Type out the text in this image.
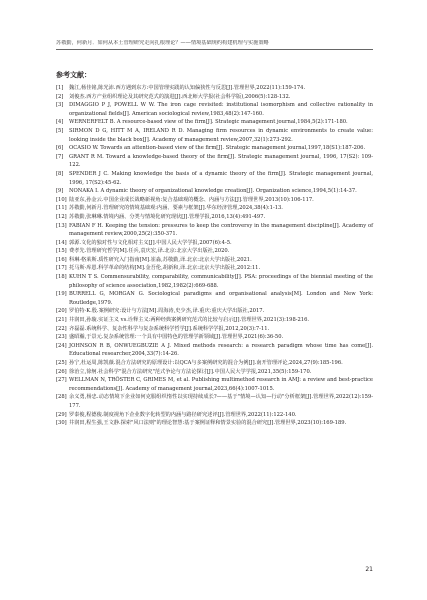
苏敬勤，何新月．如何从本土管理研究走向扎根理论？——情境基础规约构建机理与实施策略
参考文献：
[1]	魏江,杨佳铭,陈光沛.西方遇到东方:中国管理实践的认知偏狭性与反思[J].管理世界,2022(11):159-174.
[2]	刘俊杰.西方产业组织理论及其研究范式的演进[J].西北师大学报(社会科学版),2006(5):128-132.
[3]	DIMAGGIO P J, POWELL W W. The iron cage revisited: institutional isomorphism and collective rationality in organizational fields[J]. American sociological review,1983,48(2):147-160.
[4]	WERNERFELT B. A resource-based view of the firm[J]. Strategic management journal,1984,5(2):171-180.
[5]	SIRMON D G, HITT M A, IRELAND R D. Managing firm resources in dynamic environments to create value: looking inside the black box[J]. Academy of management review,2007,32(1):273-292.
[6]	OCASIO W. Towards an attention-based view of the firm[J]. Strategic management journal,1997,18(S1):187-206.
[7]	GRANT R M. Toward a knowledge-based theory of the firm[J]. Strategic management journal, 1996, 17(S2): 109-122.
[8]	SPENDER J C. Making knowledge the basis of a dynamic theory of the firm[J]. Strategic management journal, 1996, 17(S2):45-62.
[9]	NONAKA I. A dynamic theory of organizational knowledge creation[J]. Organization science,1994,5(1):14-37.
[10] 陆亚东,孙金云.中国企业成长战略新视角:复合基础观的概念、内涵与方法[J].管理世界,2013(10):106-117.
[11] 苏敬勤,何新月.管理研究的情境基础观:内涵、要素与框架[J].华东经济管理,2024,38(4):1-13.
[12] 苏敬勤,张琳琳.情境内涵、分类与情境化研究现状[J].管理学报,2016,13(4):491-497.
[13] FABIAN F H. Keeping the tension: pressures to keep the controversy in the management discipline[J]. Academy of management review,2000,25(2):350-371.
[14] 郭源.文化的独对性与文化相对主义[J].中国人民大学学报,2007(6):4-5.
[15] 费孝先.管理研究哲学[M].任兵,袁庆宏,译.北京:北京大学出版社,2020.
[16] 科琳·格莱斯.质性研究入门指南[M].崔淼,苏敬勤,译.北京:北京大学出版社,2021.
[17] 托马斯·库恩.科学革命的结构[M].金吾伦,胡新和,译.北京:北京大学出版社,2012:11.
[18] KUHN T S. Commensurability, comparability, communicability[J]. PSA: proceedings of the biennial meeting of the philosophy of science association,1982,1982(2):669-688.
[19] BURRELL G, MORGAN G. Sociological paradigms and organisational analysis[M]. London and New York: Routledge,1979.
[20] 罗伯特·K.殷.案例研究:设计与方法[M].周海涛,史少杰,译.重庆:重庆大学出版社,2017.
[21] 井润田,孙璇.实证主义 vs.诠释主义:两种经典案例研究范式的比较与启示[J].管理世界,2021(3):198-216.
[22] 齐磊磊.系统科学、复杂性科学与复杂系统科学哲学[J].系统科学学报,2012,20(3):7-11.
[23] 盛昭瀚,于景元.复杂系统管理:一个具有中国特色的管理学新领域[J].管理世界,2021(6):36-50.
[24] JOHNSON R B, ONWUEGBUZIE A J. Mixed methods research: a research paradigm whose time has come[J]. Educational researcher,2004,33(7):14-26.
[25] 孙宁,杜运周,陈凯薇.混合方法研究的原理设计:以QCA与多案例研究的混合为例[J].南开管理评论,2024,27(9):185-196.
[26] 徐治立,徐舸.社会科学"混合方法研究"范式争论与方法论探讨[J].中国人民大学学报,2021,35(5):159-170.
[27] WELLMAN N, TRÖSTER C, GRIMES M, et al. Publishing multimethod research in AMJ: a review and best-practice recommendations[J]. Academy of management journal,2023,66(4):1007-1015.
[28] 余义勇,杨忠.动态情境下企业如何克服组织惰性以实现持续成长?——基于"情境—认知—行动"分析框架[J].管理世界,2022(12):159-177.
[29] 罗泰俊,程德俊.制度视角下企业数字化转型的内涵与路径研究述评[J].管理世界,2022(11):122-140.
[30] 井润田,程生强,王文静.探索"风口法则"的理论智慧:基于案例证释和情景实验的混合研究[J].管理世界,2023(10):169-189.
21
